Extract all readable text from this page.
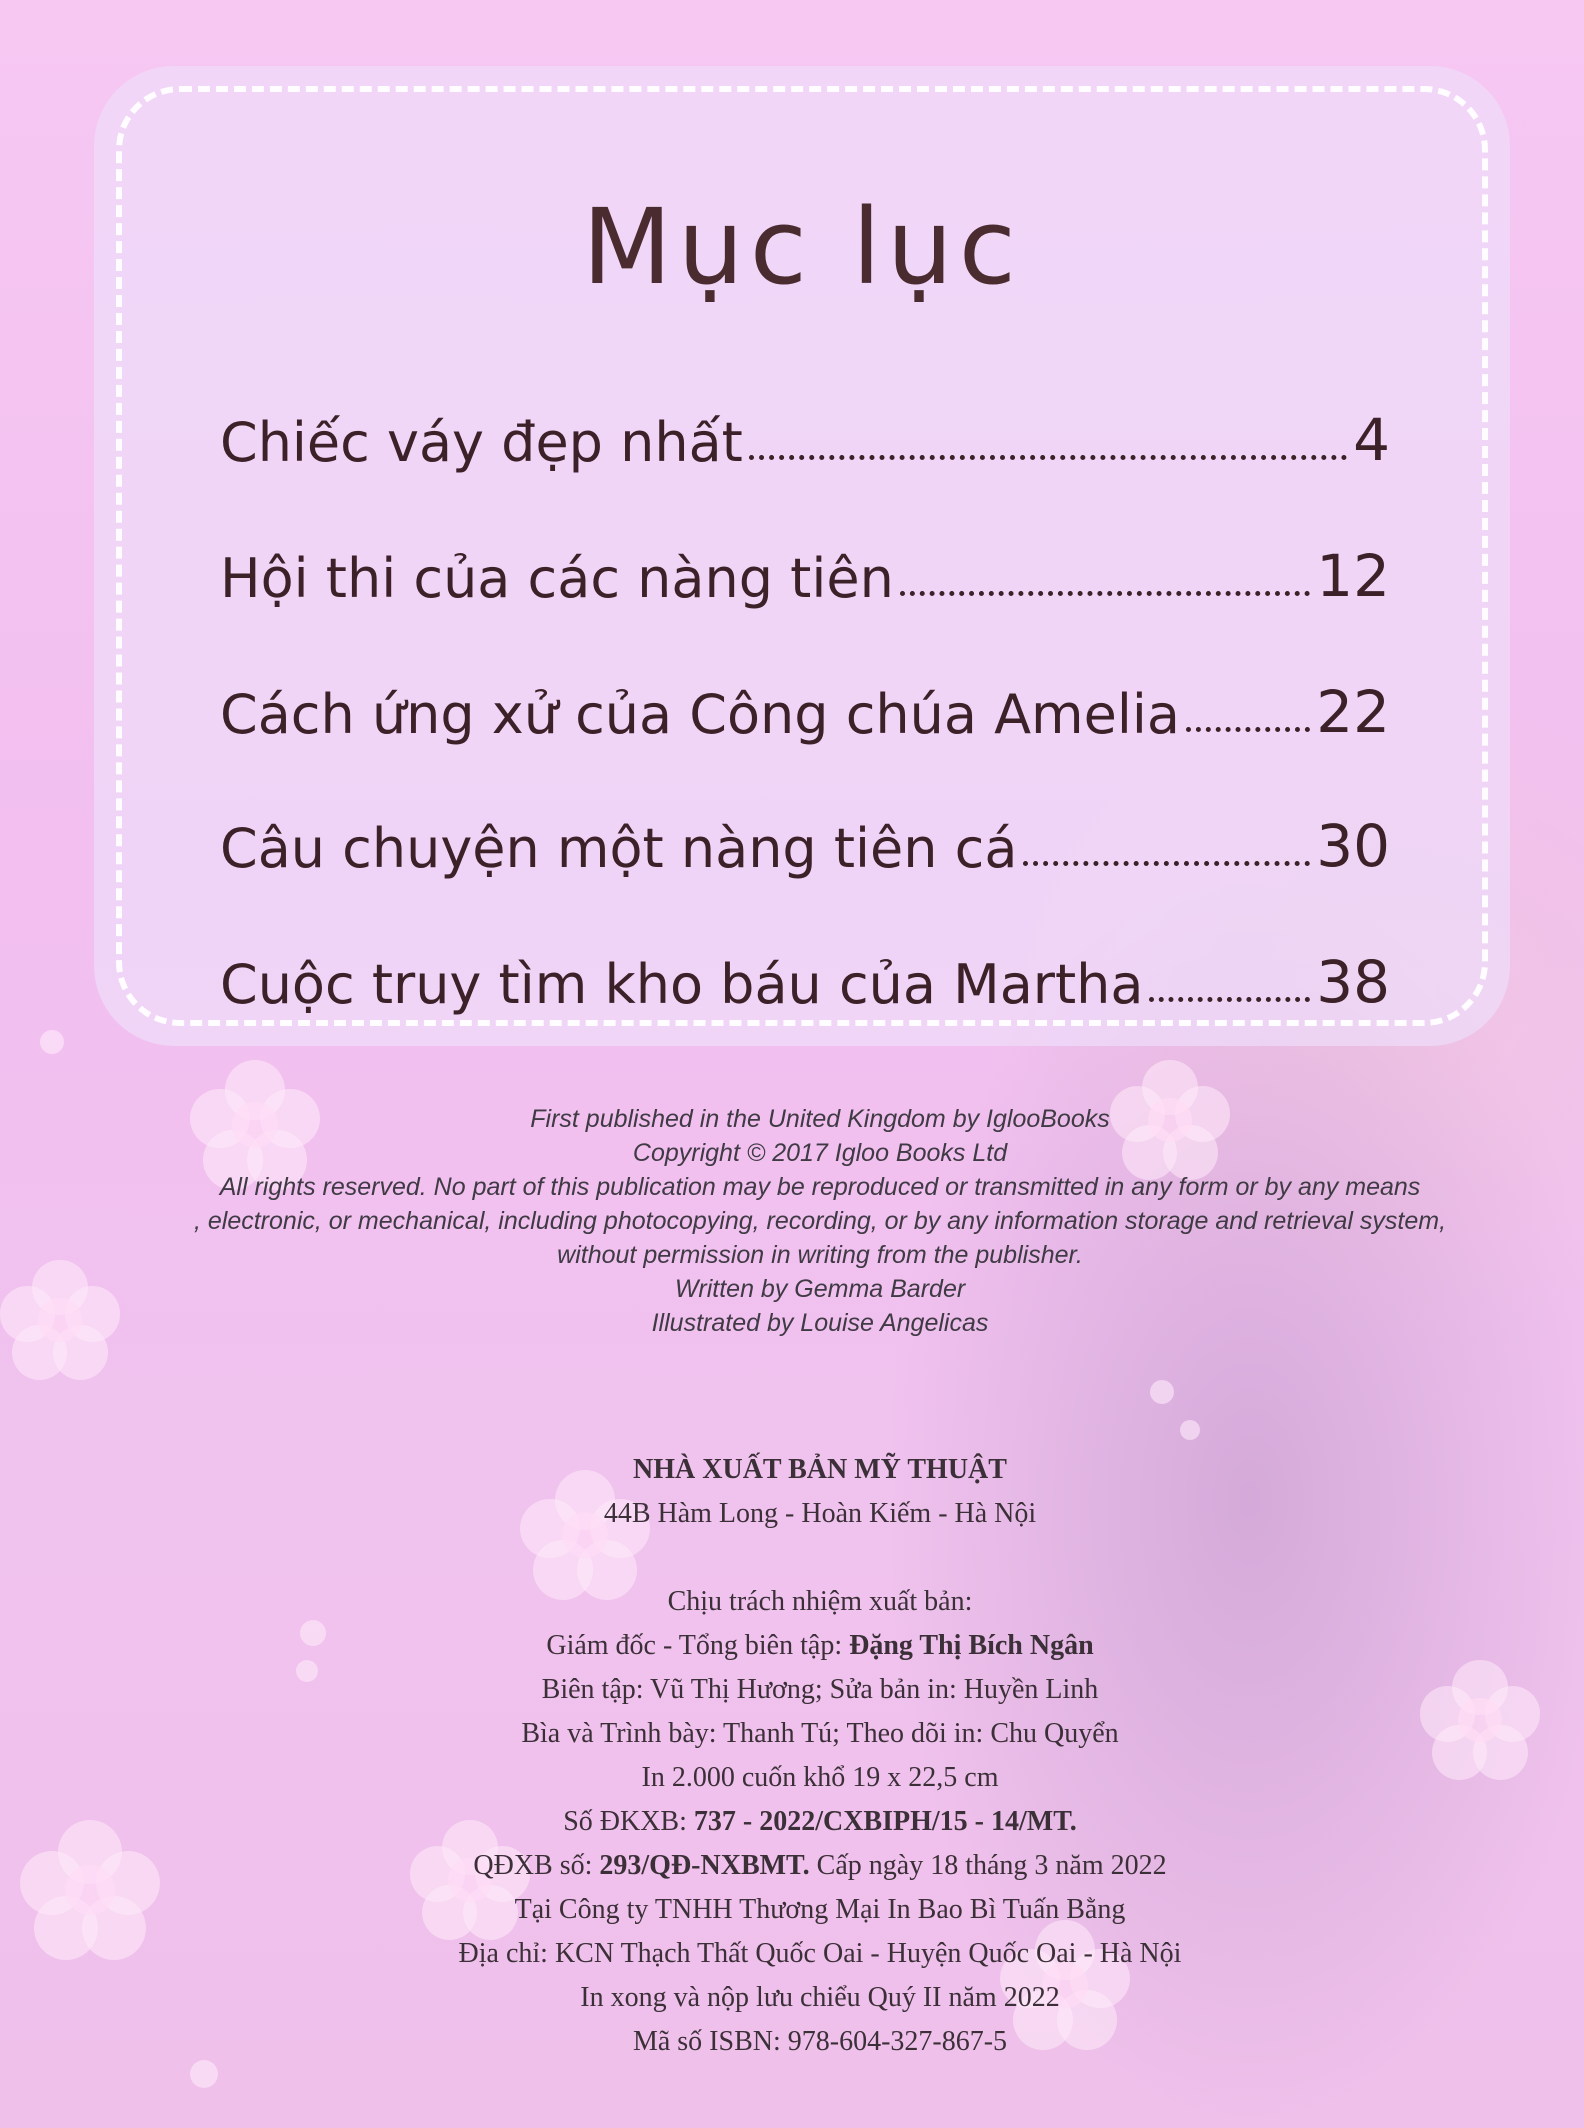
Mục lục
Chiếc váy đẹp nhất	4
Hội thi của các nàng tiên	12
Cách ứng xử của Công chúa Amelia 22
Câu chuyện một nàng tiên cá	30
Cuộc truy tìm kho báu của Martha	38
First published in the United Kingdom by IglooBooks
Copyright © 2017 Igloo Books Ltd
All rights reserved. No part of this publication may be reproduced or transmitted in any form or by any means
, electronic, or mechanical, including photocopying, recording, or by any information storage and retrieval system,
without permission in writing from the publisher.
Written by Gemma Barder
Illustrated by Louise Angelicas
NHÀ XUẤT BẢN MỸ THUẬT
44B Hàm Long - Hoàn Kiếm - Hà Nội
Chịu trách nhiệm xuất bản:
Giám đốc - Tổng biên tập: Đặng Thị Bích Ngân
Biên tập: Vũ Thị Hương; Sửa bản in: Huyền Linh
Bìa và Trình bày: Thanh Tú; Theo dõi in: Chu Quyển
In 2.000 cuốn khổ 19 x 22,5 cm
Số ĐKXB: 737 - 2022/CXBIPH/15 - 14/MT.
QĐXB số: 293/QĐ-NXBMT. Cấp ngày 18 tháng 3 năm 2022
Tại Công ty TNHH Thương Mại In Bao Bì Tuấn Bằng
Địa chỉ: KCN Thạch Thất Quốc Oai - Huyện Quốc Oai - Hà Nội
In xong và nộp lưu chiểu Quý II năm 2022
Mã số ISBN: 978-604-327-867-5
